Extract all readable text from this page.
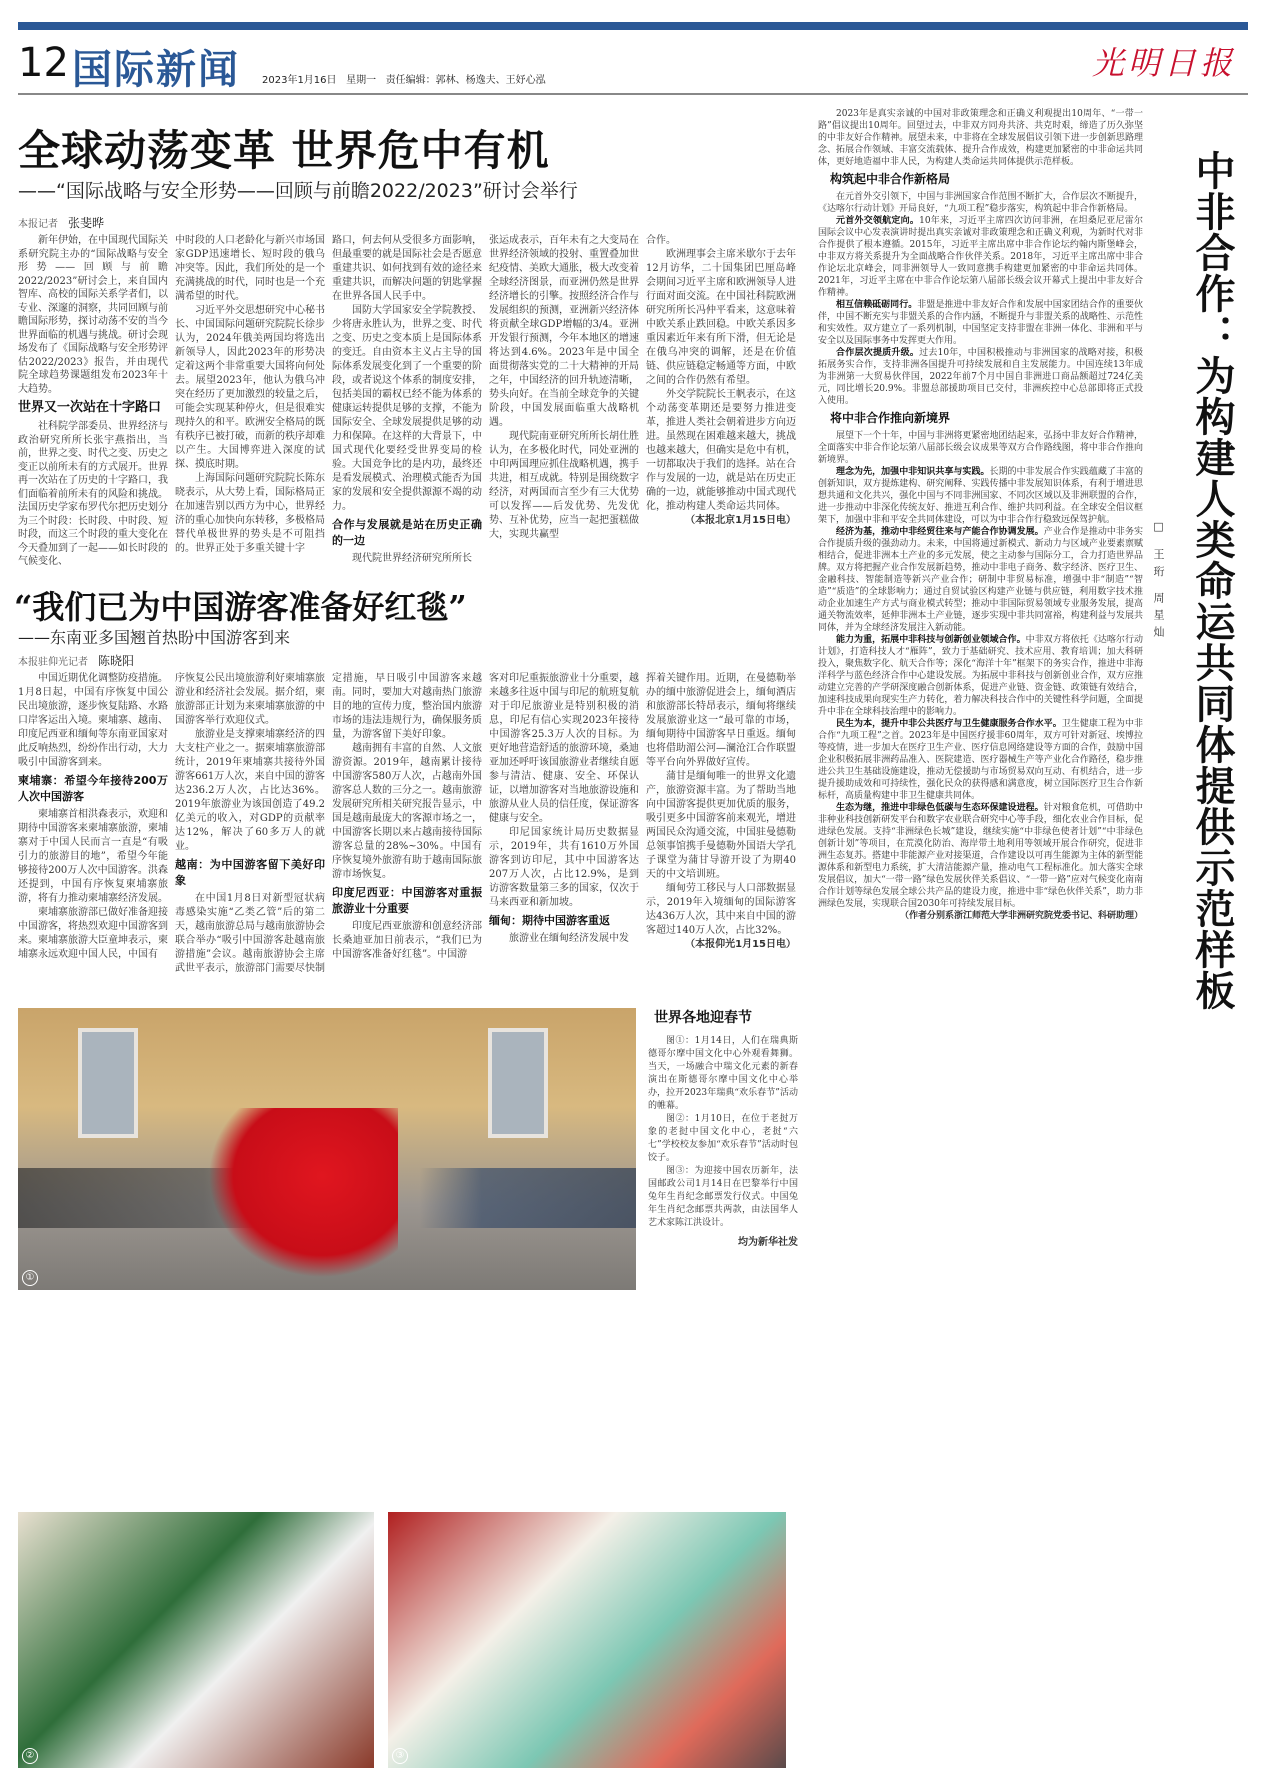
12 国际新闻 2023年1月16日 星期一 责任编辑：郭林、杨逸夫、王妤心泓	光明日报
全球动荡变革 世界危中有机
——“国际战略与安全形势——回顾与前瞻2022/2023”研讨会举行
本报记者 张斐晔

新年伊始，在中国现代国际关系研究院主办的“国际战略与安全形势——回顾与前瞻2022/2023”研讨会上，来自国内智库、高校的国际关系学者们，以专业、深邃的洞察，共同回顾与前瞻国际形势，探讨动荡不安的当今世界面临的机遇与挑战。研讨会现场发布了《国际战略与安全形势评估2022/2023》报告，并由现代院全球趋势课题组发布2023年十大趋势。

世界又一次站在十字路口

社科院学部委员、世界经济与政治研究所所长张宇燕指出，当前，世界之变、时代之变、历史之变正以前所未有的方式展开。世界再一次站在了历史的十字路口，我们面临着前所未有的风险和挑战。法国历史学家布罗代尔把历史划分为三个时段：长时段、中时段、短时段，而这三个时段的重大变化在今天叠加到了一起——如长时段的气候变化、

中时段的人口老龄化与新兴市场国家GDP迅速增长、短时段的俄乌冲突等。因此，我们所处的是一个充满挑战的时代，同时也是一个充满希望的时代。

习近平外交思想研究中心秘书长、中国国际问题研究院院长徐步认为，2024年俄美两国均将选出新领导人，因此2023年的形势决定着这两个非常重要大国将向何处去。展望2023年，他认为俄乌冲突在经历了更加激烈的较量之后，可能会实现某种停火，但是很难实现持久的和平。欧洲安全格局的既有秩序已被打破，而新的秩序却难以产生。大国博弈进入深度的试探、摸底时期。

上海国际问题研究院院长陈东晓表示，从大势上看，国际格局正在加速告别以西方为中心，世界经济的重心加快向东转移，多极格局替代单极世界的势头是不可阻挡的。世界正处于多重关键十字

路口，何去何从受很多方面影响，但最重要的就是国际社会是否愿意重建共识、如何找到有效的途径来重建共识，而解决问题的钥匙掌握在世界各国人民手中。

国防大学国家安全学院教授、少将唐永胜认为，世界之变、时代之变、历史之变本质上是国际体系的变迁。自由资本主义占主导的国际体系发展变化到了一个重要的阶段，或者说这个体系的制度安排，包括美国的霸权已经不能为体系的健康运转提供足够的支撑，不能为国际安全、全球发展提供足够的动力和保障。在这样的大背景下，中国式现代化要经受世界变局的检验。大国竞争比的是内功，最终还是看发展模式、治理模式能否为国家的发展和安全提供源源不竭的动力。

合作与发展就是站在历史正确的一边

现代院世界经济研究所所长

张运成表示，百年未有之大变局在世界经济领域的投射、重置叠加世纪疫情、美欧大通胀，极大改变着全球经济图景，而亚洲仍然是世界经济增长的引擎。按照经济合作与发展组织的预测，亚洲新兴经济体将贡献全球GDP增幅的3/4。亚洲开发银行预测，今年本地区的增速将达到4.6%。2023年是中国全面贯彻落实党的二十大精神的开局之年，中国经济的回升轨迹清晰，势头向好。在当前全球竞争的关键阶段，中国发展面临重大战略机遇。

现代院南亚研究所所长胡仕胜认为，在多极化时代，同处亚洲的中印两国理应抓住战略机遇，携手共进，相互成就。特别是围绕数字经济，对两国而言至少有三大优势可以发挥——后发优势、先发优势、互补优势，应当一起把蛋糕做大，实现共赢型

合作。

欧洲理事会主席米歇尔于去年12月访华，二十国集团巴厘岛峰会期间习近平主席和欧洲领导人进行面对面交流。在中国社科院欧洲研究所所长冯仲平看来，这意味着中欧关系止跌回稳。中欧关系因多重因素近年来有所下滑，但无论是在俄乌冲突的调解，还是在价值链、供应链稳定畅通等方面，中欧之间的合作仍然有希望。

外交学院院长王帆表示，在这个动荡变革期还是要努力推进变革，推进人类社会朝着进步方向迈进。虽然现在困难越来越大，挑战也越来越大，但确实是危中有机，一切都取决于我们的选择。站在合作与发展的一边，就是站在历史正确的一边，就能够推动中国式现代化，推动构建人类命运共同体。

（本报北京1月15日电）
“我们已为中国游客准备好红毯”
——东南亚多国翘首热盼中国游客到来
本报驻仰光记者 陈晓阳

中国近期优化调整防疫措施。1月8日起，中国有序恢复中国公民出境旅游，逐步恢复陆路、水路口岸客运出入境。柬埔寨、越南、印度尼西亚和缅甸等东南亚国家对此反响热烈，纷纷作出行动，大力吸引中国游客到来。

柬埔寨：希望今年接待200万人次中国游客

柬埔寨首相洪森表示，欢迎和期待中国游客来柬埔寨旅游，柬埔寨对于中国人民而言一直是“有吸引力的旅游目的地”，希望今年能够接待200万人次中国游客。洪森还提到，中国有序恢复柬埔寨旅游，将有力推动柬埔寨经济发展。

柬埔寨旅游部已做好准备迎接中国游客，将热烈欢迎中国游客到来。柬埔寨旅游大臣童坤表示，柬埔寨永远欢迎中国人民，中国有

序恢复公民出境旅游利好柬埔寨旅游业和经济社会发展。据介绍，柬旅游部正计划为来柬埔寨旅游的中国游客举行欢迎仪式。

旅游业是支撑柬埔寨经济的四大支柱产业之一。据柬埔寨旅游部统计，2019年柬埔寨共接待外国游客661万人次，来自中国的游客达236.2万人次，占比达36%。2019年旅游业为该国创造了49.2亿美元的收入，对GDP的贡献率达12%，解决了60多万人的就业。

越南：为中国游客留下美好印象

在中国1月8日对新型冠状病毒感染实施“乙类乙管”后的第二天，越南旅游总局与越南旅游协会联合举办“吸引中国游客赴越南旅游措施”会议。越南旅游协会主席武世平表示，旅游部门需要尽快制

定措施，早日吸引中国游客来越南。同时，要加大对越南热门旅游目的地的宣传力度，整治国内旅游市场的违法违规行为，确保服务质量，为游客留下美好印象。

越南拥有丰富的自然、人文旅游资源。2019年，越南累计接待中国游客580万人次，占越南外国游客总人数的三分之一。越南旅游发展研究所相关研究报告显示，中国是越南最庞大的客源市场之一，中国游客长期以来占越南接待国际游客总量的28%~30%。中国有序恢复境外旅游有助于越南国际旅游市场恢复。

印度尼西亚：中国游客对重振旅游业十分重要

印度尼西亚旅游和创意经济部长桑迪亚加日前表示，“我们已为中国游客准备好红毯”。中国游

客对印尼重振旅游业十分重要，越来越多往返中国与印尼的航班复航对于印尼旅游业是特别积极的消息，印尼有信心实现2023年接待中国游客25.3万人次的目标。为更好地营造舒适的旅游环境，桑迪亚加还呼吁该国旅游业者继续自愿参与清洁、健康、安全、环保认证，以增加游客对当地旅游设施和旅游从业人员的信任度，保证游客健康与安全。

印尼国家统计局历史数据显示，2019年，共有1610万外国游客到访印尼，其中中国游客达207万人次，占比12.9%，是到访游客数量第三多的国家，仅次于马来西亚和新加坡。

缅甸：期待中国游客重返

旅游业在缅甸经济发展中发

挥着关键作用。近期，在曼德勒举办的缅中旅游促进会上，缅甸酒店和旅游部长特昂表示，缅甸将继续发展旅游业这一“最可靠的市场，缅甸期待中国游客早日重返。缅甸也将借助湄公河—澜沧江合作联盟等平台向外界做好宣传。

蒲甘是缅甸唯一的世界文化遗产，旅游资源丰富。为了帮助当地向中国游客提供更加优质的服务，吸引更多中国游客前来观光，增进两国民众沟通交流，中国驻曼德勒总领事馆携手曼德勒外国语大学孔子课堂为蒲甘导游开设了为期40天的中文培训班。

缅甸劳工移民与人口部数据显示，2019年入境缅甸的国际游客达436万人次，其中来自中国的游客超过140万人次，占比32%。

（本报仰光1月15日电）
①
②	③
世界各地迎春节

图①：1月14日，人们在瑞典斯德哥尔摩中国文化中心外观看舞狮。当天，一场融合中瑞文化元素的新春演出在斯德哥尔摩中国文化中心举办，拉开2023年瑞典“欢乐春节”活动的帷幕。

图②：1月10日，在位于老挝万象的老挝中国文化中心，老挝“六七”学校校友参加“欢乐春节”活动时包饺子。

图③：为迎接中国农历新年，法国邮政公司1月14日在巴黎举行中国兔年生肖纪念邮票发行仪式。中国兔年生肖纪念邮票共两款，由法国华人艺术家陈江洪设计。

均为新华社发
中非合作：为构建人类命运共同体提供示范样板
□ 王珩 周星灿

2023年是真实亲诚的中国对非政策理念和正确义利观提出10周年、“一带一路”倡议提出10周年。回望过去，中非双方同舟共济、共克时艰，缔造了历久弥坚的中非友好合作精神。展望未来，中非将在全球发展倡议引领下进一步创新思路理念、拓展合作领域、丰富交流载体、提升合作成效，构建更加紧密的中非命运共同体，更好地造福中非人民，为构建人类命运共同体提供示范样板。

构筑起中非合作新格局

在元首外交引领下，中国与非洲国家合作范围不断扩大，合作层次不断提升，《达喀尔行动计划》开局良好，“九项工程”稳步落实，构筑起中非合作新格局。

元首外交领航定向。10年来，习近平主席四次访问非洲，在坦桑尼亚尼雷尔国际会议中心发表演讲时提出真实亲诚对非政策理念和正确义利观，为新时代对非合作提供了根本遵循。2015年，习近平主席出席中非合作论坛约翰内斯堡峰会，中非双方将关系提升为全面战略合作伙伴关系。2018年，习近平主席出席中非合作论坛北京峰会，同非洲领导人一致同意携手构建更加紧密的中非命运共同体。2021年，习近平主席在中非合作论坛第八届部长级会议开幕式上提出中非友好合作精神。

相互信赖砥砺同行。非盟是推进中非友好合作和发展中国家团结合作的重要伙伴，中国不断充实与非盟关系的合作内涵，不断提升与非盟关系的战略性、示范性和实效性。双方建立了一系列机制，中国坚定支持非盟在非洲一体化、非洲和平与安全以及国际事务中发挥更大作用。

合作层次提质升级。过去10年，中国积极推动与非洲国家的战略对接，积极拓展务实合作，支持非洲各国提升可持续发展和自主发展能力。中国连续13年成为非洲第一大贸易伙伴国，2022年前7个月中国自非洲进口商品额超过724亿美元，同比增长20.9%。非盟总部援助项目已交付，非洲疾控中心总部即将正式投入使用。

将中非合作推向新境界

展望下一个十年，中国与非洲将更紧密地团结起来，弘扬中非友好合作精神，全面落实中非合作论坛第八届部长级会议成果等双方合作路线图，将中非合作推向新境界。

理念为先，加强中非知识共享与实践。长期的中非发展合作实践蕴藏了丰富的创新知识，双方提炼建构、研究阐释、实践传播中非发展知识体系，有利于增进思想共通和文化共兴，强化中国与不同非洲国家、不同次区域以及非洲联盟的合作，进一步推动中非深化传统友好、推进互利合作、维护共同利益。在全球安全倡议框架下，加强中非和平安全共同体建设，可以为中非合作行稳致远保驾护航。

经济为基，推动中非经贸往来与产能合作协调发展。产业合作是推动中非务实合作提质升级的强劲动力。未来，中国将通过新模式、新动力与区域产业要素禀赋相结合，促进非洲本土产业的多元发展，使之主动参与国际分工，合力打造世界品牌。双方将把握产业合作发展新趋势，推动中非电子商务、数字经济、医疗卫生、金融科技、智能制造等新兴产业合作；研制中非贸易标准，增强中非“制造”“智造”“质造”的全球影响力；通过自贸试验区构建产业链与供应链，利用数字技术推动企业加速生产方式与商业模式转型；推动中非国际贸易领域专业服务发展，提高通关物流效率，延伸非洲本土产业链，逐步实现中非共同富裕，构建利益与发展共同体，并为全球经济发展注入新动能。

能力为重，拓展中非科技与创新创业领域合作。中非双方将依托《达喀尔行动计划》，打造科技人才“雁阵”，致力于基础研究、技术应用、教育培训；加大科研投入，聚焦数字化、航天合作等；深化“海洋十年”框架下的务实合作，推进中非海洋科学与蓝色经济合作中心建设发展。为拓展中非科技与创新创业合作，双方应推动建立完善的产学研深度融合创新体系，促进产业链、资金链、政策链有效结合，加速科技成果向现实生产力转化，着力解决科技合作中的关键性科学问题，全面提升中非在全球科技治理中的影响力。

民生为本，提升中非公共医疗与卫生健康服务合作水平。卫生健康工程为中非合作“九项工程”之首。2023年是中国医疗援非60周年，双方可针对新冠、埃博拉等疫情，进一步加大在医疗卫生产业、医疗信息网络建设等方面的合作，鼓励中国企业积极拓展非洲药品准入、医院建造、医疗器械生产等产业化合作路径，稳步推进公共卫生基础设施建设，推动无偿援助与市场贸易双向互动、有机结合，进一步提升援助成效和可持续性，强化民众的获得感和满意度，树立国际医疗卫生合作新标杆，高质量构建中非卫生健康共同体。

生态为继，推进中非绿色低碳与生态环保建设进程。针对粮食危机，可借助中非种业科技创新研发平台和数字农业联合研究中心等手段，细化农业合作目标，促进绿色发展。支持“非洲绿色长城”建设，继续实施“中非绿色使者计划”“中非绿色创新计划”等项目，在荒漠化防治、海岸带土地利用等领域开展合作研究，促进非洲生态复苏。搭建中非能源产业对接渠道，合作建设以可再生能源为主体的新型能源体系和新型电力系统，扩大清洁能源产量，推动电气工程标准化。加大落实全球发展倡议，加大“一带一路”绿色发展伙伴关系倡议、“一带一路”应对气候变化南南合作计划等绿色发展全球公共产品的建设力度，推进中非“绿色伙伴关系”，助力非洲绿色发展，实现联合国2030年可持续发展目标。

（作者分别系浙江师范大学非洲研究院党委书记、科研助理）
